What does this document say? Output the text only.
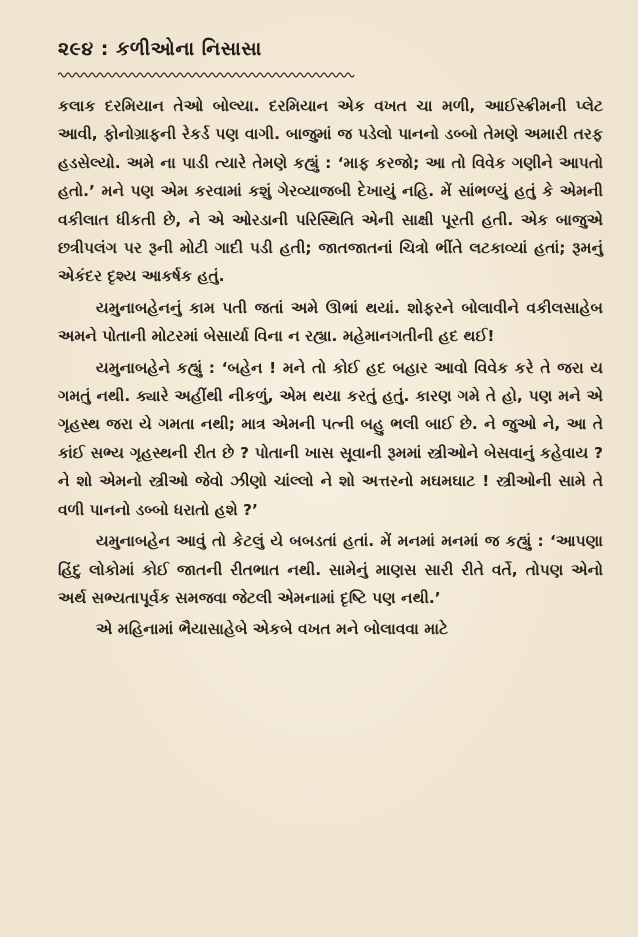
૨૯૪ : કળીઓના નિસાસા

કલાક દરમિયાન તેઓ બોલ્યા. દરમિયાન એક વખત ચા મળી, આઈસ્ક્રીમની પ્લેટ આવી, ફોનોગ્રાફની રેકર્ડ પણ વાગી. બાજુમાં જ પડેલો પાનનો ડબ્બો તેમણે અમારી તરફ હડસેલ્યો. અમે ના પાડી ત્યારે તેમણે કહ્યું : ‘માફ કરજો; આ તો વિવેક ગણીને આપતો હતો.’ મને પણ એમ કરવામાં કશું ગેરવ્યાજબી દેખાયું નહિ. મેં સાંભળ્યું હતું કે એમની વકીલાત ધીકતી છે, ને એ ઓરડાની પરિસ્થિતિ એની સાક્ષી પૂરતી હતી. એક બાજુએ છત્રીપલંગ પર રૂની મોટી ગાદી પડી હતી; જાતજાતનાં ચિત્રો ભીંતે લટકાવ્યાં હતાં; રૂમનું એકંદર દૃશ્ય આકર્ષક હતું.

યમુનાબહેનનું કામ પતી જતાં અમે ઊભાં થયાં. શોફરને બોલાવીને વકીલસાહેબ અમને પોતાની મોટરમાં બેસાર્યા વિના ન રહ્યા. મહેમાનગતીની હદ થઈ!

યમુનાબહેને કહ્યું : ‘બહેન ! મને તો કોઈ હદ બહાર આવો વિવેક કરે તે જરા ય ગમતું નથી. ક્યારે અહીંથી નીકળું, એમ થયા કરતું હતું. કારણ ગમે તે હો, પણ મને એ ગૃહસ્થ જરા યે ગમતા નથી; માત્ર એમની પત્ની બહુ ભલી બાઈ છે. ને જુઓ ને, આ તે કાંઈ સભ્ય ગૃહસ્થની રીત છે ? પોતાની ખાસ સૂવાની રૂમમાં સ્ત્રીઓને બેસવાનું કહેવાય ? ને શો એમનો સ્ત્રીઓ જેવો ઝીણો ચાંલ્લો ને શો અત્તરનો મઘમઘાટ ! સ્ત્રીઓની સામે તે વળી પાનનો ડબ્બો ધરાતો હશે ?’

યમુનાબહેન આવું તો કેટલું યે બબડતાં હતાં. મેં મનમાં મનમાં જ કહ્યું : ‘આપણા હિંદુ લોકોમાં કોઈ જાતની રીતભાત નથી. સામેનું માણસ સારી રીતે વર્તે, તોપણ એનો અર્થ સભ્યતાપૂર્વક સમજવા જેટલી એમનામાં દૃષ્ટિ પણ નથી.’

એ મહિનામાં ભૈયાસાહેબે એકબે વખત મને બોલાવવા માટે
